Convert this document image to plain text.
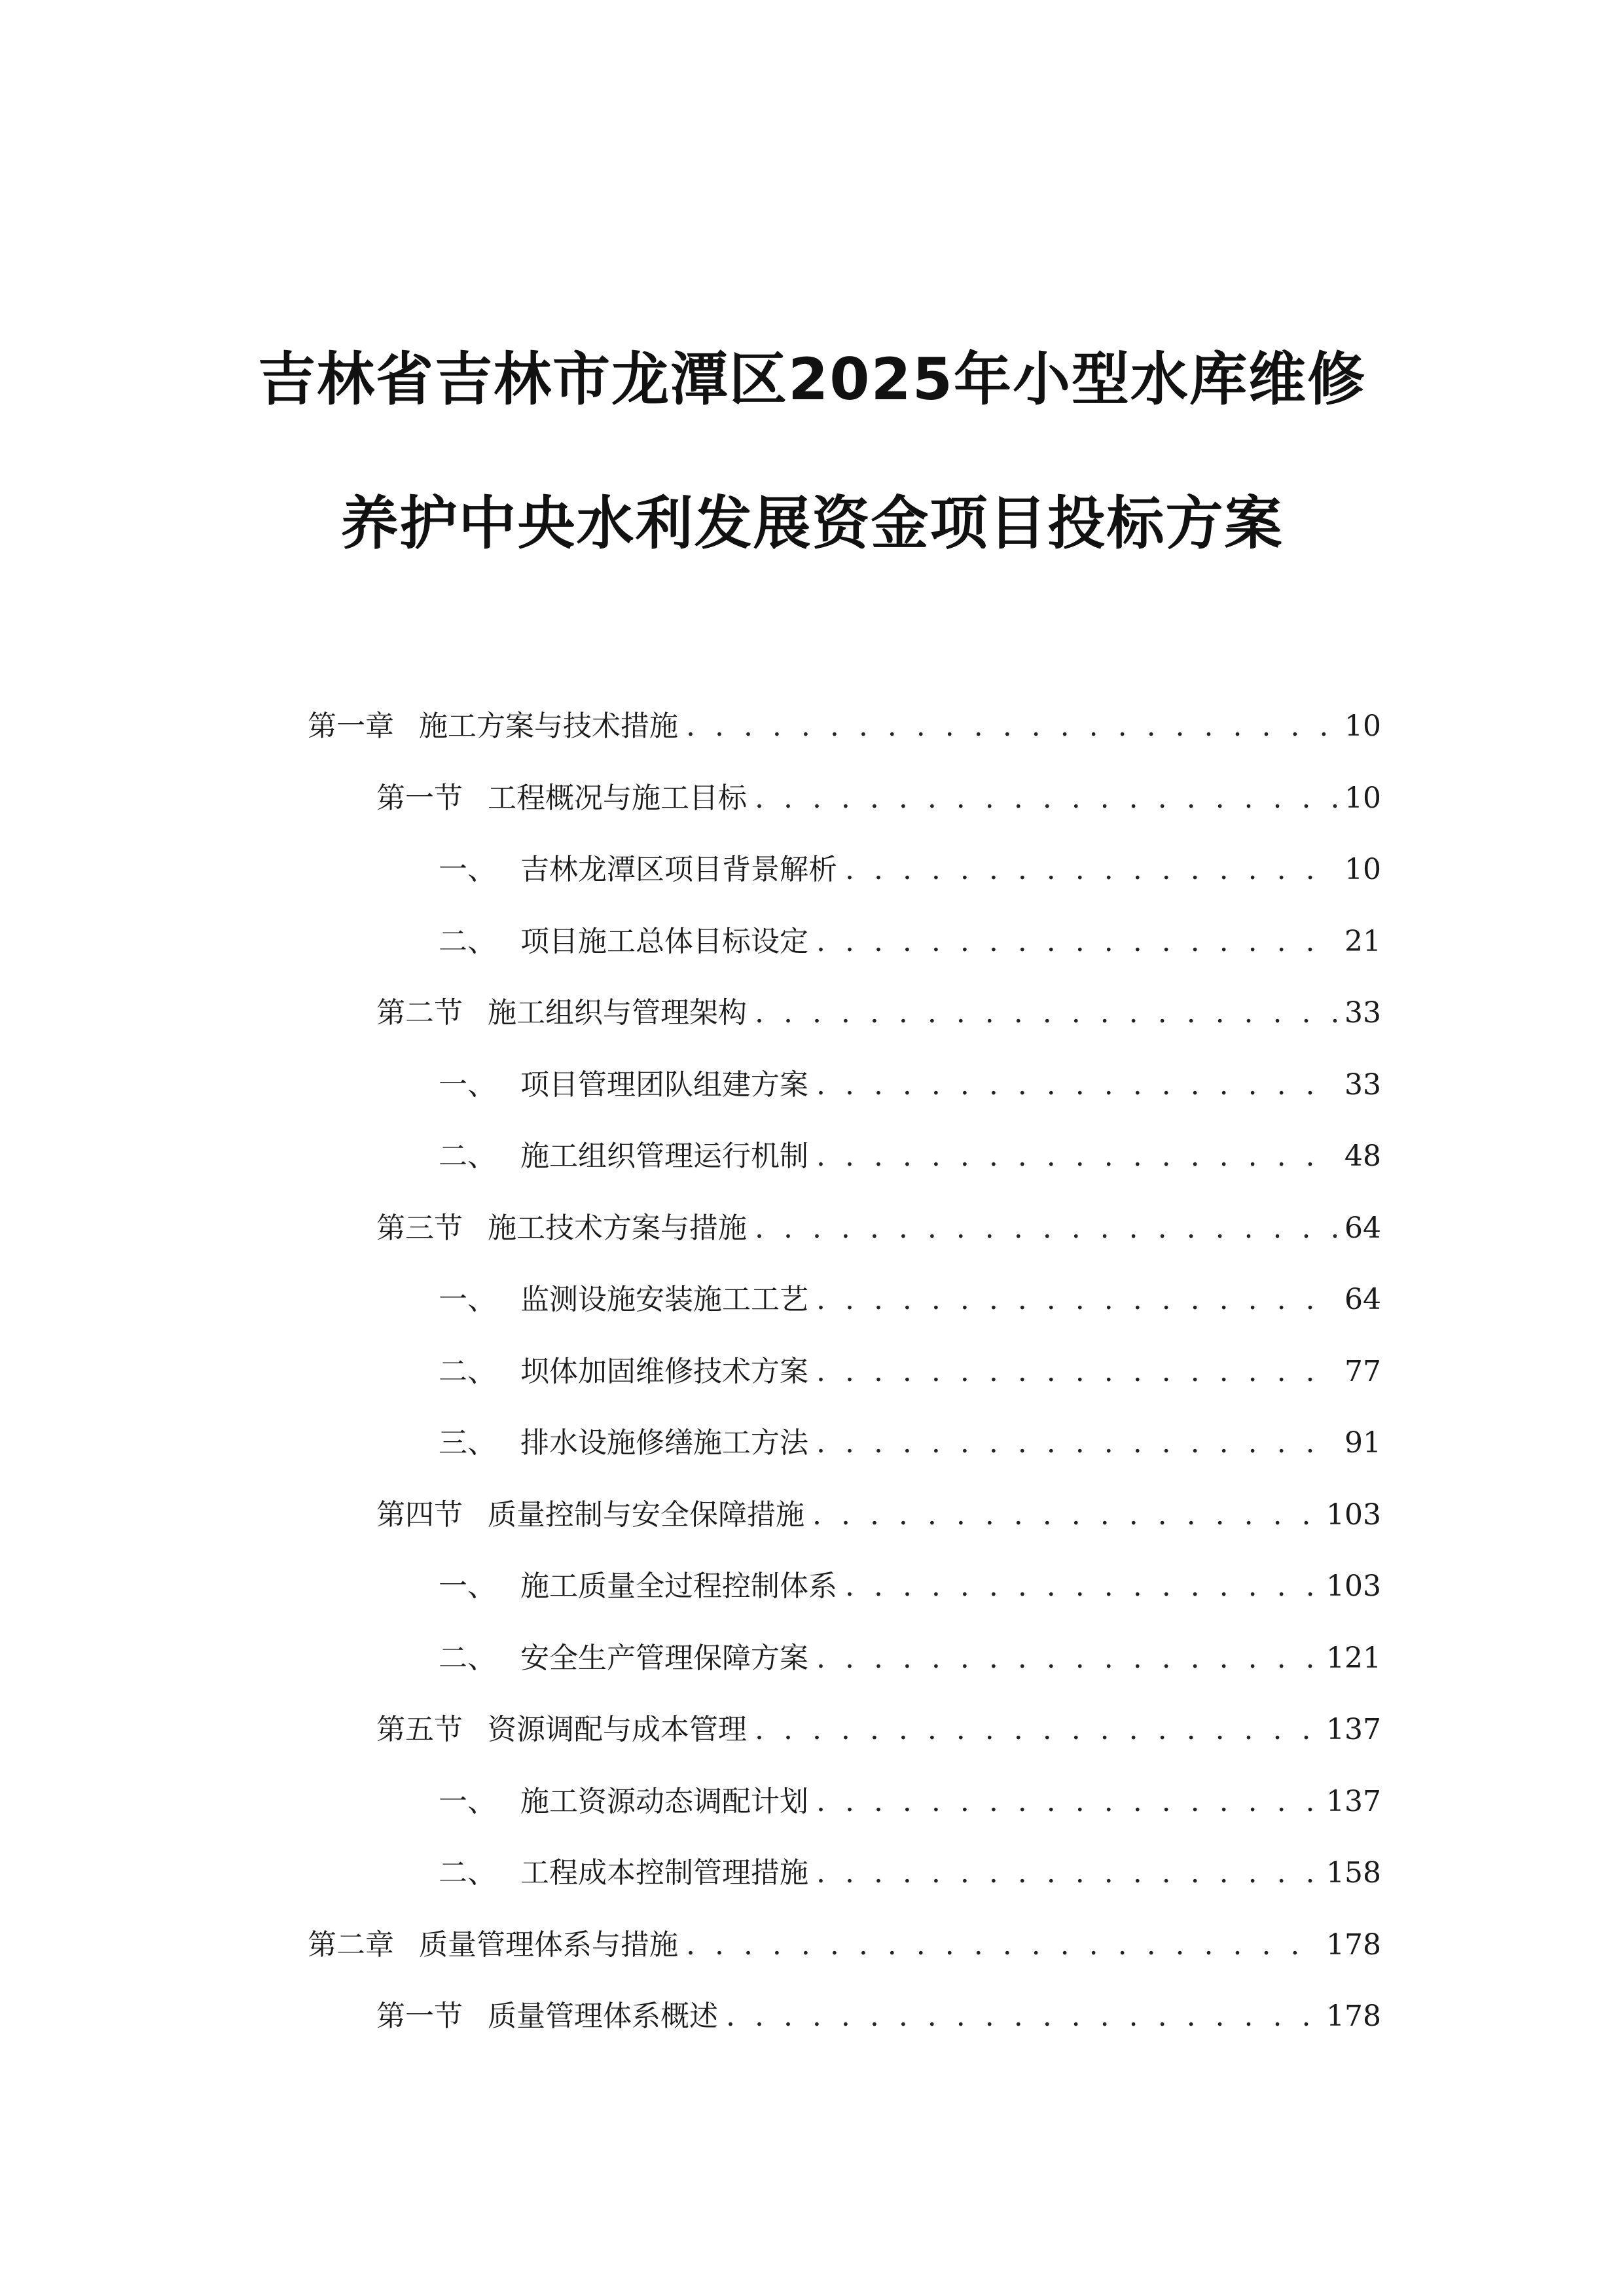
吉林省吉林市龙潭区2025年小型水库维修
养护中央水利发展资金项目投标方案
第一章 施工方案与技术措施 . . .	10
第一节 工程概况与施工目标 . . .	10
一、 吉林龙潭区项目背景解析 . . .	10
二、 项目施工总体目标设定 . . .	21
第二节 施工组织与管理架构 . . .	33
一、 项目管理团队组建方案 . . .	33
二、 施工组织管理运行机制 . . .	48
第三节 施工技术方案与措施 . . .	64
一、 监测设施安装施工工艺 . . .	64
二、 坝体加固维修技术方案 . . .	77
三、 排水设施修缮施工方法 . . .	91
第四节 质量控制与安全保障措施 . . .	103
一、 施工质量全过程控制体系 . . .	103
二、 安全生产管理保障方案 . . .	121
第五节 资源调配与成本管理 . . .	137
一、 施工资源动态调配计划 . . .	137
二、 工程成本控制管理措施 . . .	158
第二章 质量管理体系与措施 . . .	178
第一节 质量管理体系概述 . . .	178
